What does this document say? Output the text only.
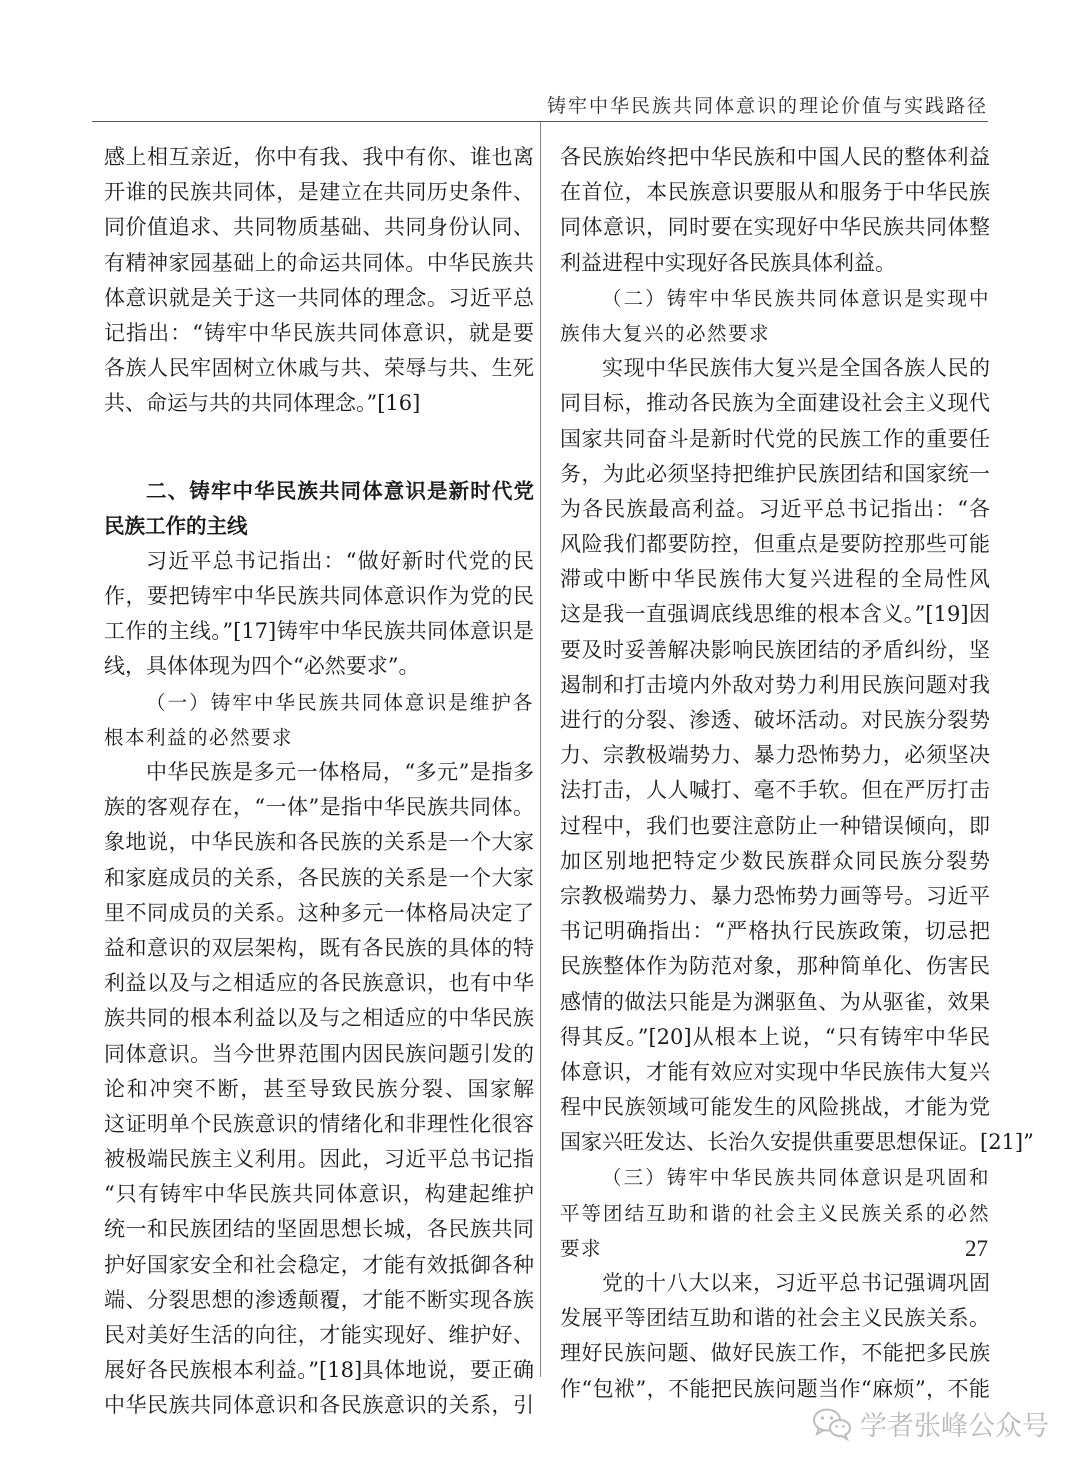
铸牢中华民族共同体意识的理论价值与实践路径
感上相互亲近，你中有我、我中有你、谁也离
开谁的民族共同体，是建立在共同历史条件、
同价值追求、共同物质基础、共同身份认同、
有精神家园基础上的命运共同体。中华民族共
体意识就是关于这一共同体的理念。习近平总
记指出：“铸牢中华民族共同体意识，就是要
各族人民牢固树立休戚与共、荣辱与共、生死
共、命运与共的共同体理念。”[16]
二、铸牢中华民族共同体意识是新时代党
民族工作的主线
习近平总书记指出：“做好新时代党的民
作，要把铸牢中华民族共同体意识作为党的民
工作的主线。”[17]铸牢中华民族共同体意识是
线，具体体现为四个“必然要求”。
（一）铸牢中华民族共同体意识是维护各
根本利益的必然要求
中华民族是多元一体格局，“多元”是指多
族的客观存在，“一体”是指中华民族共同体。
象地说，中华民族和各民族的关系是一个大家
和家庭成员的关系，各民族的关系是一个大家
里不同成员的关系。这种多元一体格局决定了
益和意识的双层架构，既有各民族的具体的特
利益以及与之相适应的各民族意识，也有中华
族共同的根本利益以及与之相适应的中华民族
同体意识。当今世界范围内因民族问题引发的
论和冲突不断，甚至导致民族分裂、国家解
这证明单个民族意识的情绪化和非理性化很容
被极端民族主义利用。因此，习近平总书记指
“只有铸牢中华民族共同体意识，构建起维护
统一和民族团结的坚固思想长城，各民族共同
护好国家安全和社会稳定，才能有效抵御各种
端、分裂思想的渗透颠覆，才能不断实现各族
民对美好生活的向往，才能实现好、维护好、
展好各民族根本利益。”[18]具体地说，要正确
中华民族共同体意识和各民族意识的关系，引
各民族始终把中华民族和中国人民的整体利益
在首位，本民族意识要服从和服务于中华民族
同体意识，同时要在实现好中华民族共同体整
利益进程中实现好各民族具体利益。
（二）铸牢中华民族共同体意识是实现中
族伟大复兴的必然要求
实现中华民族伟大复兴是全国各族人民的
同目标，推动各民族为全面建设社会主义现代
国家共同奋斗是新时代党的民族工作的重要任
务，为此必须坚持把维护民族团结和国家统一
为各民族最高利益。习近平总书记指出：“各
风险我们都要防控，但重点是要防控那些可能
滞或中断中华民族伟大复兴进程的全局性风
这是我一直强调底线思维的根本含义。”[19]因
要及时妥善解决影响民族团结的矛盾纠纷，坚
遏制和打击境内外敌对势力利用民族问题对我
进行的分裂、渗透、破坏活动。对民族分裂势
力、宗教极端势力、暴力恐怖势力，必须坚决
法打击，人人喊打、毫不手软。但在严厉打击
过程中，我们也要注意防止一种错误倾向，即
加区别地把特定少数民族群众同民族分裂势
宗教极端势力、暴力恐怖势力画等号。习近平
书记明确指出：“严格执行民族政策，切忌把
民族整体作为防范对象，那种简单化、伤害民
感情的做法只能是为渊驱鱼、为从驱雀，效果
得其反。”[20]从根本上说，“只有铸牢中华民
体意识，才能有效应对实现中华民族伟大复兴
程中民族领域可能发生的风险挑战，才能为党
国家兴旺发达、长治久安提供重要思想保证。[21]”
（三）铸牢中华民族共同体意识是巩固和
平等团结互助和谐的社会主义民族关系的必然
要求
党的十八大以来，习近平总书记强调巩固
发展平等团结互助和谐的社会主义民族关系。
理好民族问题、做好民族工作，不能把多民族
作“包袱”，不能把民族问题当作“麻烦”，不能
27
学者张峰公众号
